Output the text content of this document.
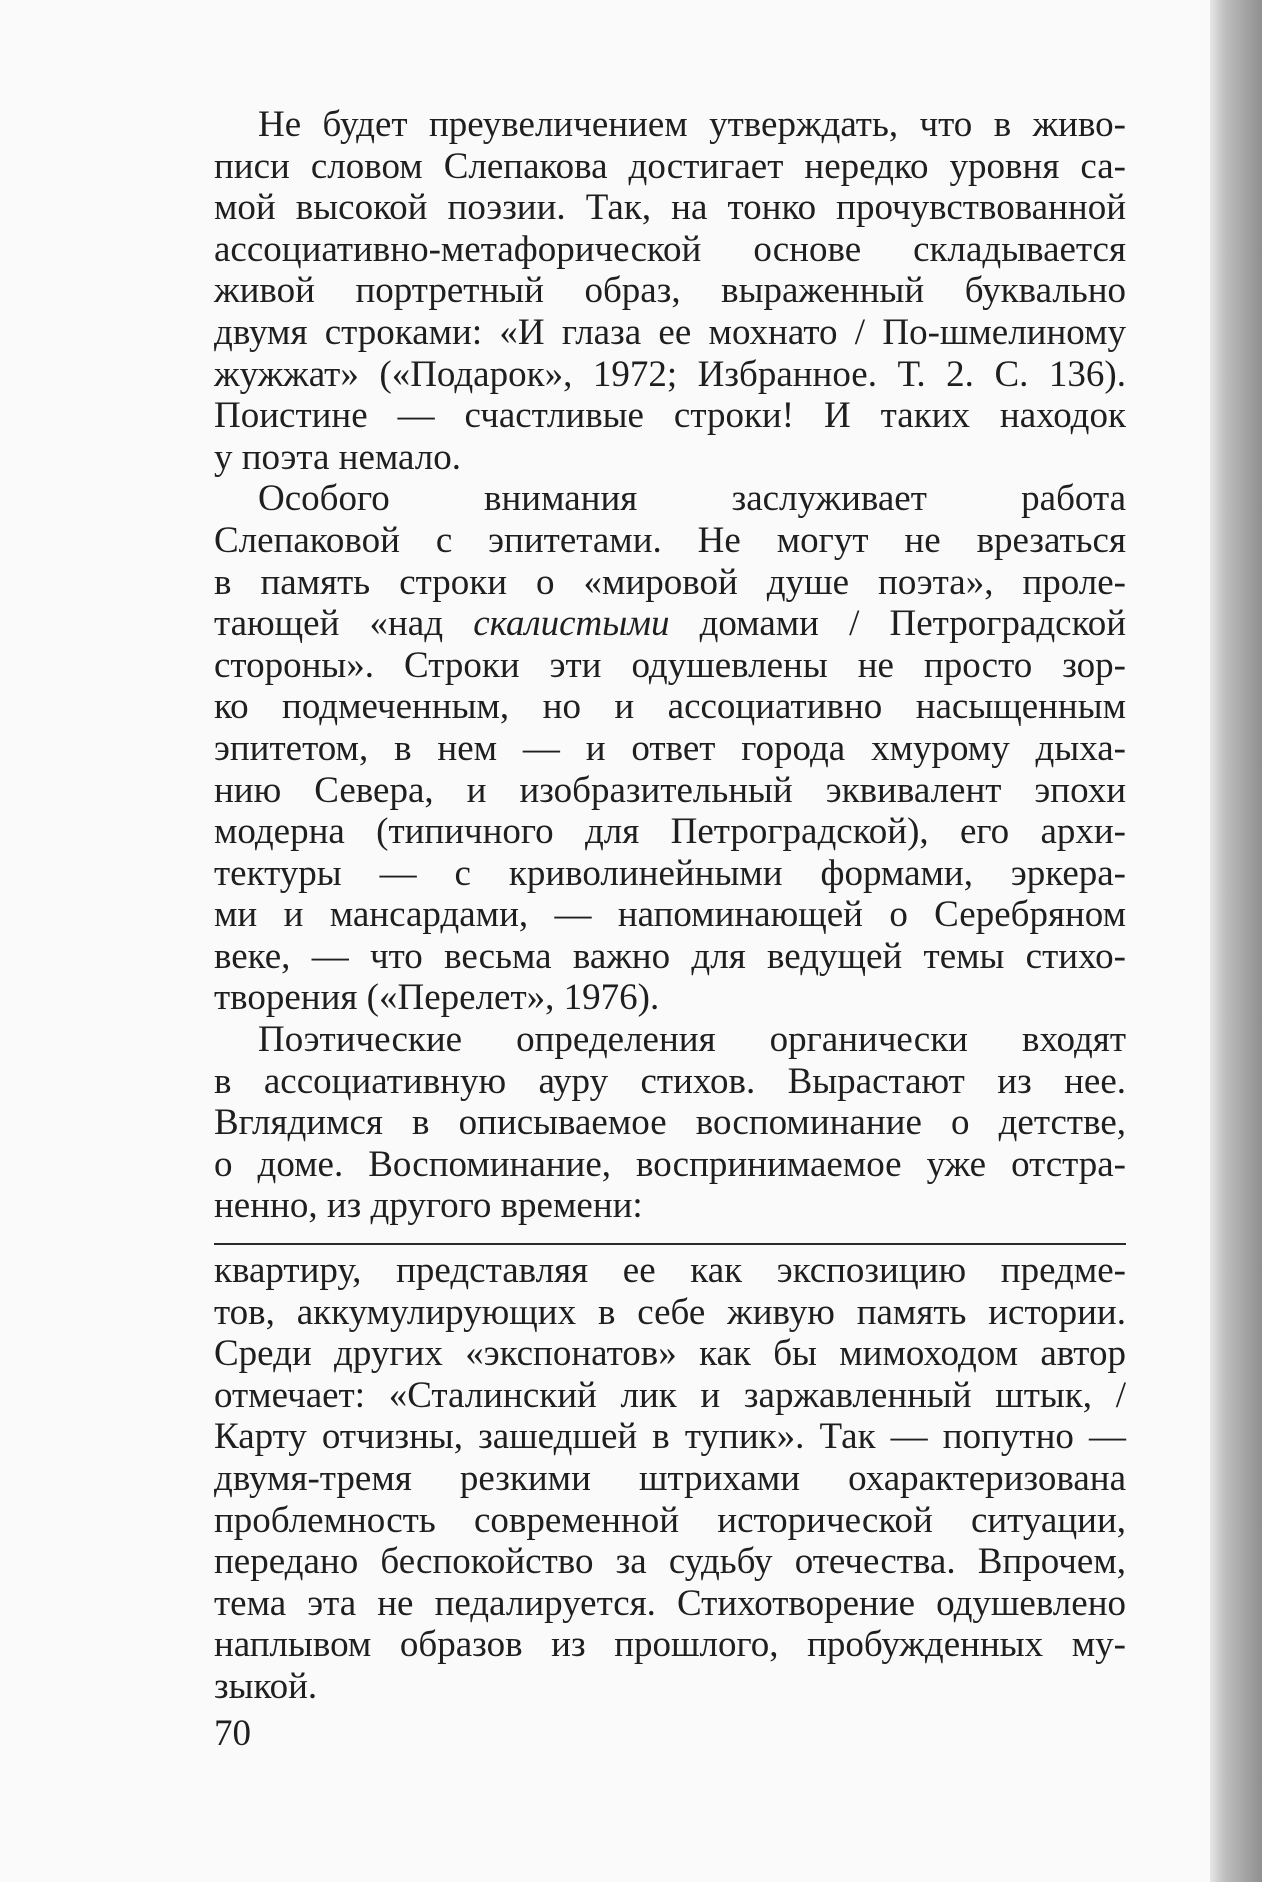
Не будет преувеличением утверждать, что в живо-
писи словом Слепакова достигает нередко уровня са-
мой высокой поэзии. Так, на тонко прочувствованной
ассоциативно-метафорической основе складывается
живой портретный образ, выраженный буквально
двумя строками: «И глаза ее мохнато / По-шмелиному
жужжат» («Подарок», 1972; Избранное. Т. 2. С. 136).
Поистине — счастливые строки! И таких находок
у поэта немало.
Особого внимания заслуживает работа
Слепаковой с эпитетами. Не могут не врезаться
в память строки о «мировой душе поэта», проле-
тающей «над скалистыми домами / Петроградской
стороны». Строки эти одушевлены не просто зор-
ко подмеченным, но и ассоциативно насыщенным
эпитетом, в нем — и ответ города хмурому дыха-
нию Севера, и изобразительный эквивалент эпохи
модерна (типичного для Петроградской), его архи-
тектуры — с криволинейными формами, эркера-
ми и мансардами, — напоминающей о Серебряном
веке, — что весьма важно для ведущей темы стихо-
творения («Перелет», 1976).
Поэтические определения органически входят
в ассоциативную ауру стихов. Вырастают из нее.
Вглядимся в описываемое воспоминание о детстве,
о доме. Воспоминание, воспринимаемое уже отстра-
ненно, из другого времени:
квартиру, представляя ее как экспозицию предме-
тов, аккумулирующих в себе живую память истории.
Среди других «экспонатов» как бы мимоходом автор
отмечает: «Сталинский лик и заржавленный штык, /
Карту отчизны, зашедшей в тупик». Так — попутно —
двумя-тремя резкими штрихами охарактеризована
проблемность современной исторической ситуации,
передано беспокойство за судьбу отечества. Впрочем,
тема эта не педалируется. Стихотворение одушевлено
наплывом образов из прошлого, пробужденных му-
зыкой.
70
